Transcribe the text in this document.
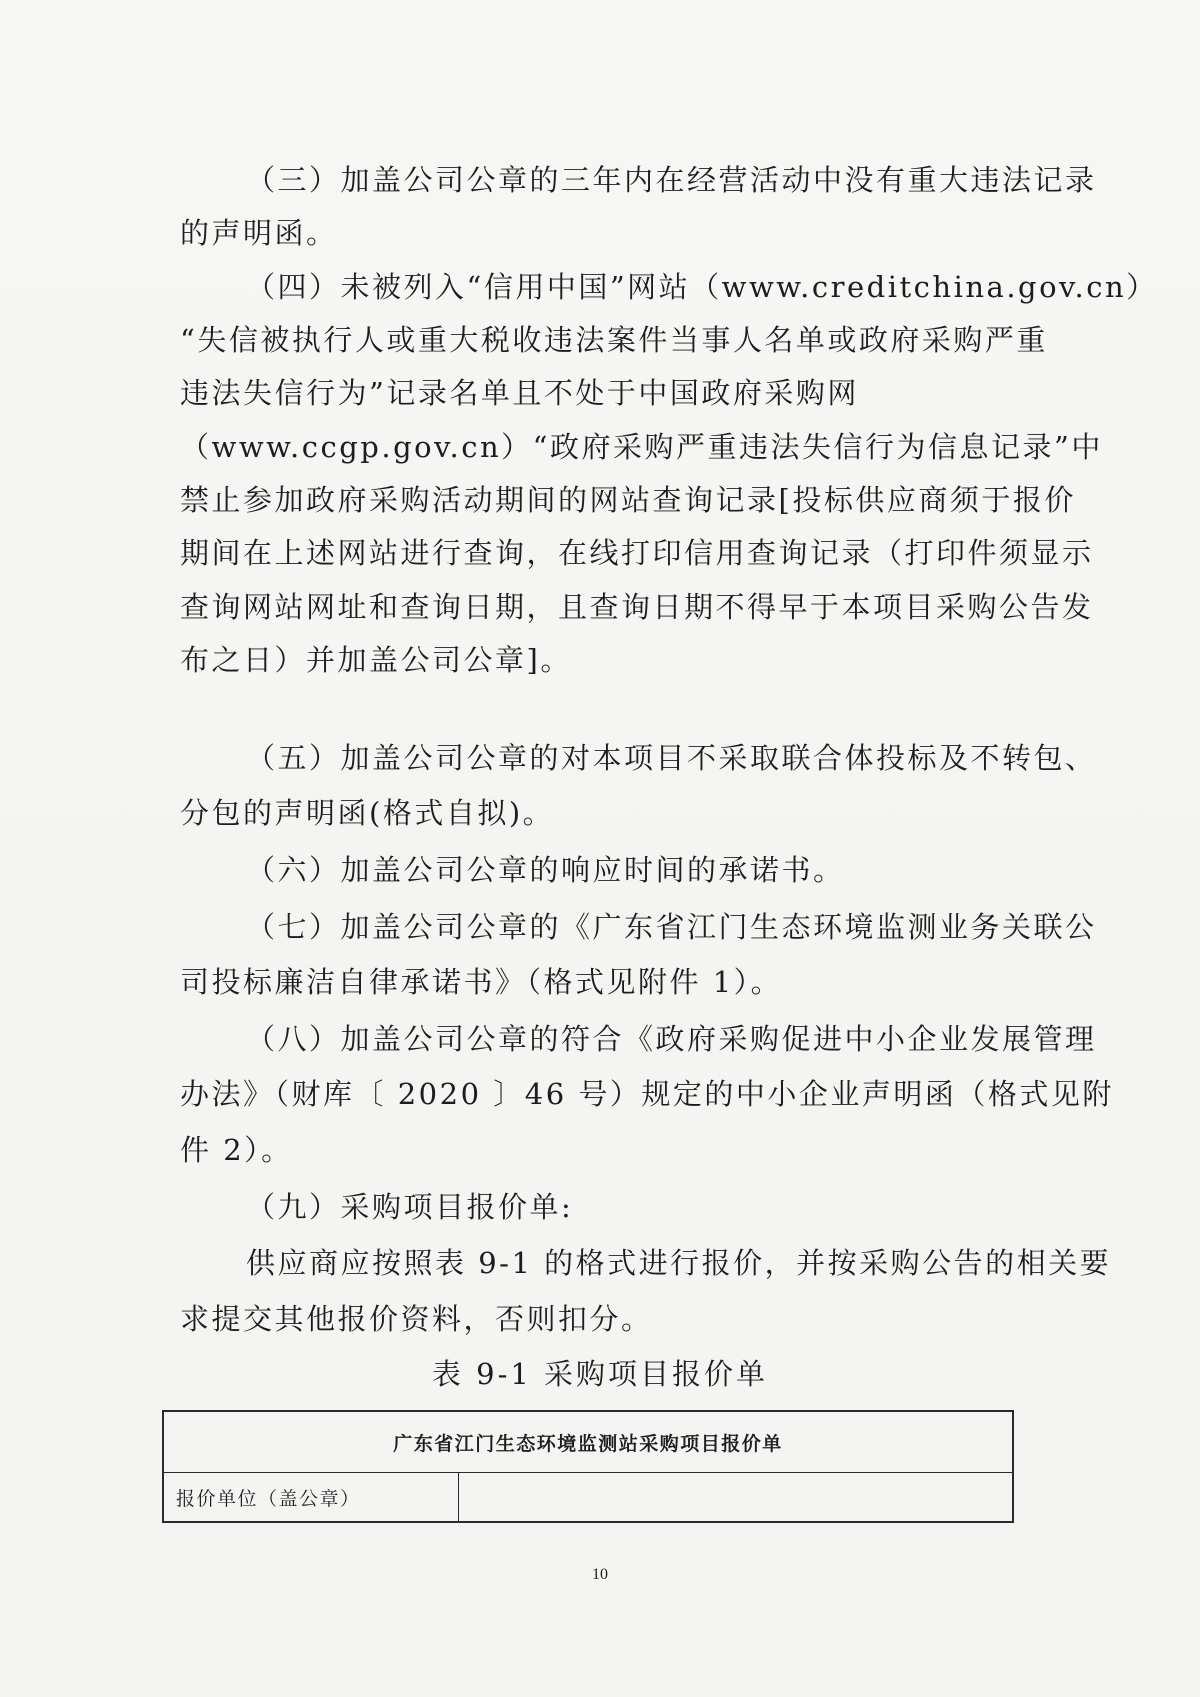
（三）加盖公司公章的三年内在经营活动中没有重大违法记录
的声明函。
（四）未被列入“信用中国”网站（www.creditchina.gov.cn）
“失信被执行人或重大税收违法案件当事人名单或政府采购严重
违法失信行为”记录名单且不处于中国政府采购网
（www.ccgp.gov.cn）“政府采购严重违法失信行为信息记录”中
禁止参加政府采购活动期间的网站查询记录[投标供应商须于报价
期间在上述网站进行查询，在线打印信用查询记录（打印件须显示
查询网站网址和查询日期，且查询日期不得早于本项目采购公告发
布之日）并加盖公司公章]。
（五）加盖公司公章的对本项目不采取联合体投标及不转包、
分包的声明函(格式自拟)。
（六）加盖公司公章的响应时间的承诺书。
（七）加盖公司公章的《广东省江门生态环境监测业务关联公
司投标廉洁自律承诺书》（格式见附件 1）。
（八）加盖公司公章的符合《政府采购促进中小企业发展管理
办法》（财库〔 2020 〕46 号）规定的中小企业声明函（格式见附
件 2）。
（九）采购项目报价单:
供应商应按照表 9-1 的格式进行报价，并按采购公告的相关要
求提交其他报价资料，否则扣分。
表 9-1 采购项目报价单
广东省江门生态环境监测站采购项目报价单
报价单位（盖公章）
10
